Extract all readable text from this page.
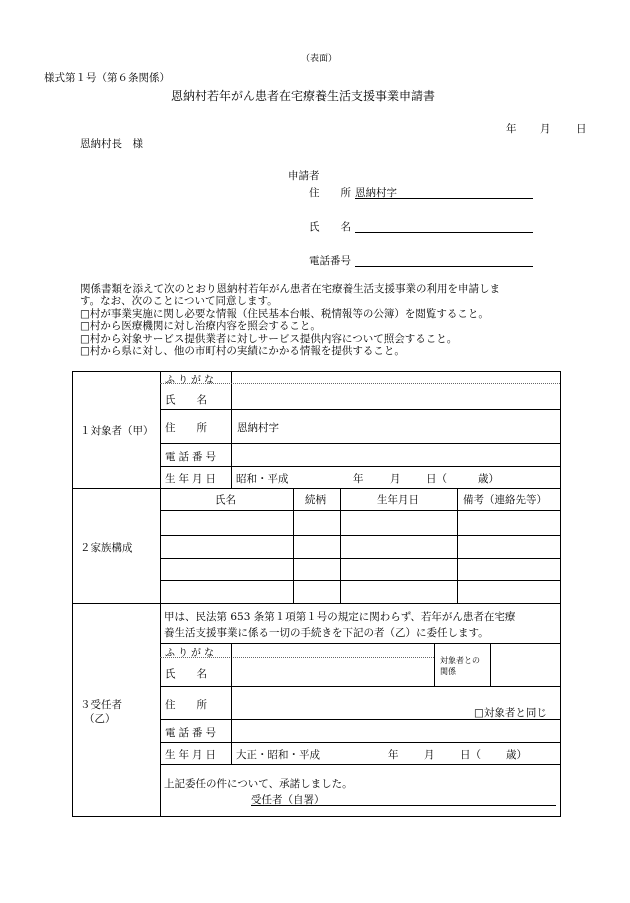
（表面）
様式第１号（第６条関係）
恩納村若年がん患者在宅療養生活支援事業申請書
年 月 日
恩納村長　様
申請者
住　　所 恩納村字
氏　　名
電話番号
関係書類を添えて次のとおり恩納村若年がん患者在宅療養生活支援事業の利用を申請しま
す。なお、次のことについて同意します。
□村が事業実施に関し必要な情報（住民基本台帳、税情報等の公簿）を閲覧すること。
□村から医療機関に対し治療内容を照会すること。
□村から対象サービス提供業者に対しサービス提供内容について照会すること。
□村から県に対し、他の市町村の実績にかかる情報を提供すること。
１対象者（甲）
ふりがな
氏　　名
住　　所	恩納村字
電話番号
生年月日 昭和・平成	年	月 日（	歳）
２家族構成
氏名	続柄	生年月日	備考（連絡先等）
３受任者
（乙）
甲は、民法第 653 条第１項第１号の規定に関わらず、若年がん患者在宅療
養生活支援事業に係る一切の手続きを下記の者（乙）に委任します。
ふりがな
氏　　名
対象者との
関係
住　　所
□対象者と同じ
電話番号
生年月日 大正・昭和・平成	年 月 日（ 歳）
上記委任の件について、承諾しました。
受任者（自署）
